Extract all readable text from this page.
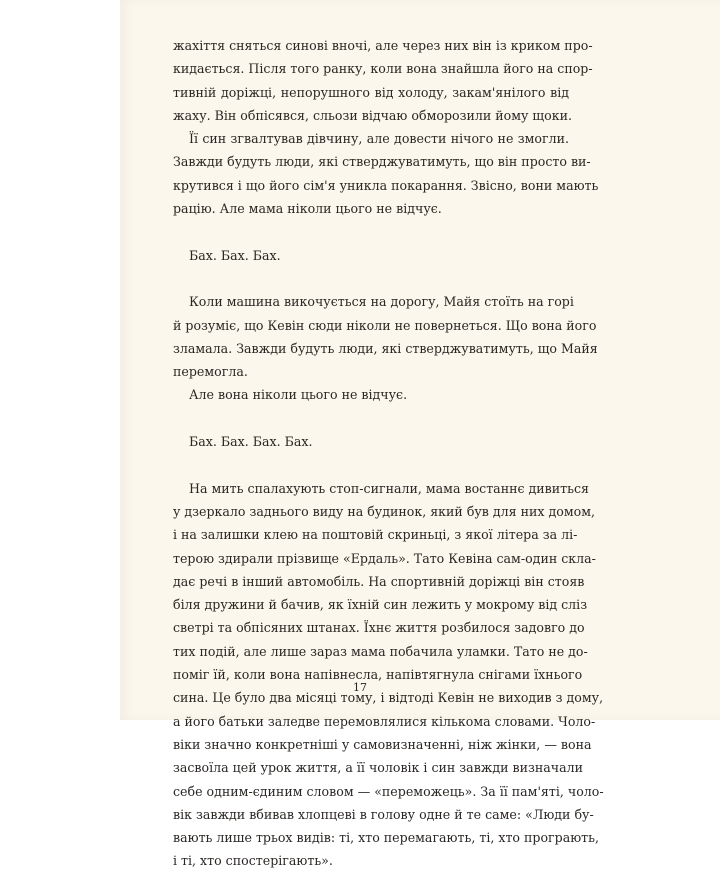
жахіття сняться синові вночі, але через них він із криком про-
кидається. Після того ранку, коли вона знайшла його на спор-
тивній доріжці, непорушного від холоду, закам'янілого від
жаху. Він обпісявся, сльози відчаю обморозили йому щоки.
Її син згвалтував дівчину, але довести нічого не змогли.
Завжди будуть люди, які стверджуватимуть, що він просто ви-
крутився і що його сім'я уникла покарання. Звісно, вони мають
рацію. Але мама ніколи цього не відчує.
Бах. Бах. Бах.
Коли машина викочується на дорогу, Майя стоїть на горі
й розуміє, що Кевін сюди ніколи не повернеться. Що вона його
зламала. Завжди будуть люди, які стверджуватимуть, що Майя
перемогла.
Але вона ніколи цього не відчує.
Бах. Бах. Бах. Бах.
На мить спалахують стоп-сигнали, мама востаннє дивиться
у дзеркало заднього виду на будинок, який був для них домом,
і на залишки клею на поштовій скриньці, з якої літера за лі-
терою здирали прізвище «Ердаль». Тато Кевіна сам-один скла-
дає речі в інший автомобіль. На спортивній доріжці він стояв
біля дружини й бачив, як їхній син лежить у мокрому від сліз
светрі та обпісяних штанах. Їхнє життя розбилося задовго до
тих подій, але лише зараз мама побачила уламки. Тато не до-
поміг їй, коли вона напівнесла, напівтягнула снігами їхнього
сина. Це було два місяці тому, і відтоді Кевін не виходив з дому,
а його батьки заледве перемовлялися кількома словами. Чоло-
віки значно конкретніші у самовизначенні, ніж жінки, — вона
засвоїла цей урок життя, а її чоловік і син завжди визначали
себе одним-єдиним словом — «переможець». За її пам'яті, чоло-
вік завжди вбивав хлопцеві в голову одне й те саме: «Люди бу-
вають лише трьох видів: ті, хто перемагають, ті, хто програють,
і ті, хто спостерігають».
17
